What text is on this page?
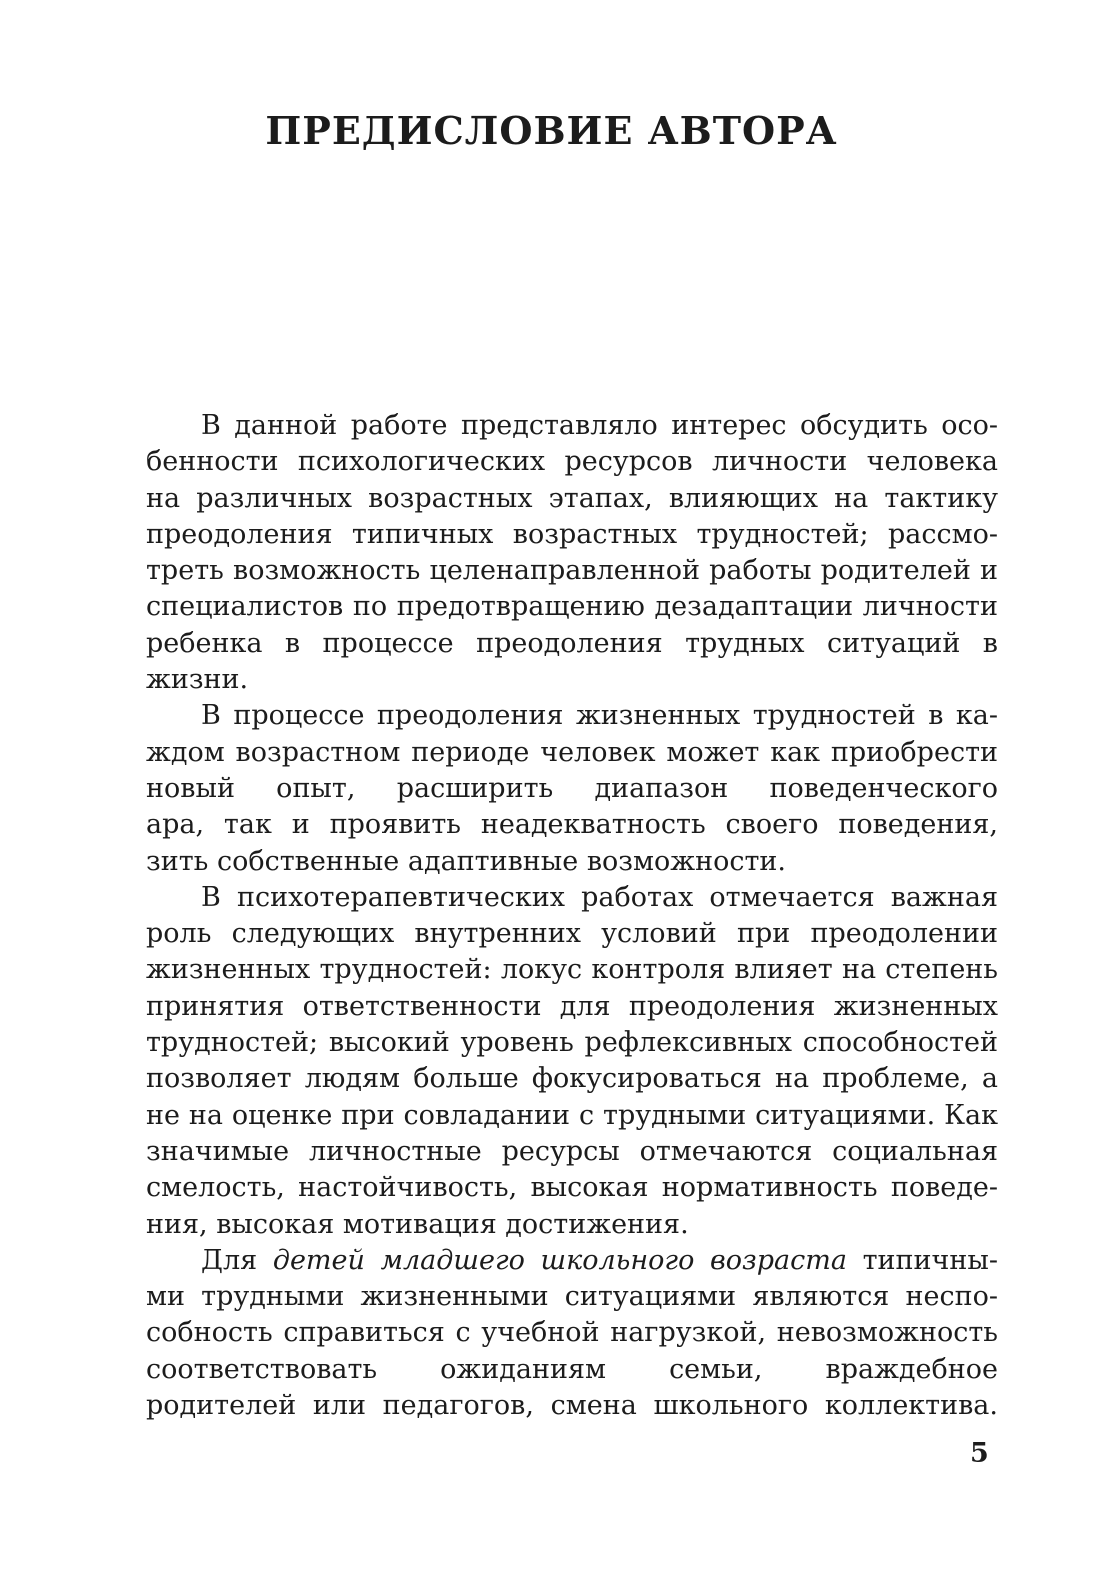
ПРЕДИСЛОВИЕ АВТОРА

В данной работе представляло интерес обсудить осо-
бенности психологических ресурсов личности человека
на различных возрастных этапах, влияющих на тактику
преодоления типичных возрастных трудностей; рассмо-
треть возможность целенаправленной работы родителей и
специалистов по предотвращению дезадаптации личности
ребенка в процессе преодоления трудных ситуаций в
жизни.

В процессе преодоления жизненных трудностей в ка-
ждом возрастном периоде человек может как приобрести
новый опыт, расширить диапазон поведенческого
ара, так и проявить неадекватность своего поведения,
зить собственные адаптивные возможности.

В психотерапевтических работах отмечается важная
роль следующих внутренних условий при преодолении
жизненных трудностей: локус контроля влияет на степень
принятия ответственности для преодоления жизненных
трудностей; высокий уровень рефлексивных способностей
позволяет людям больше фокусироваться на проблеме, а
не на оценке при совладании с трудными ситуациями. Как
значимые личностные ресурсы отмечаются социальная
смелость, настойчивость, высокая нормативность поведе-
ния, высокая мотивация достижения.

Для детей младшего школьного возраста типичны-
ми трудными жизненными ситуациями являются неспо-
собность справиться с учебной нагрузкой, невозможность
соответствовать ожиданиям семьи, враждебное
родителей или педагогов, смена школьного коллектива.

5
